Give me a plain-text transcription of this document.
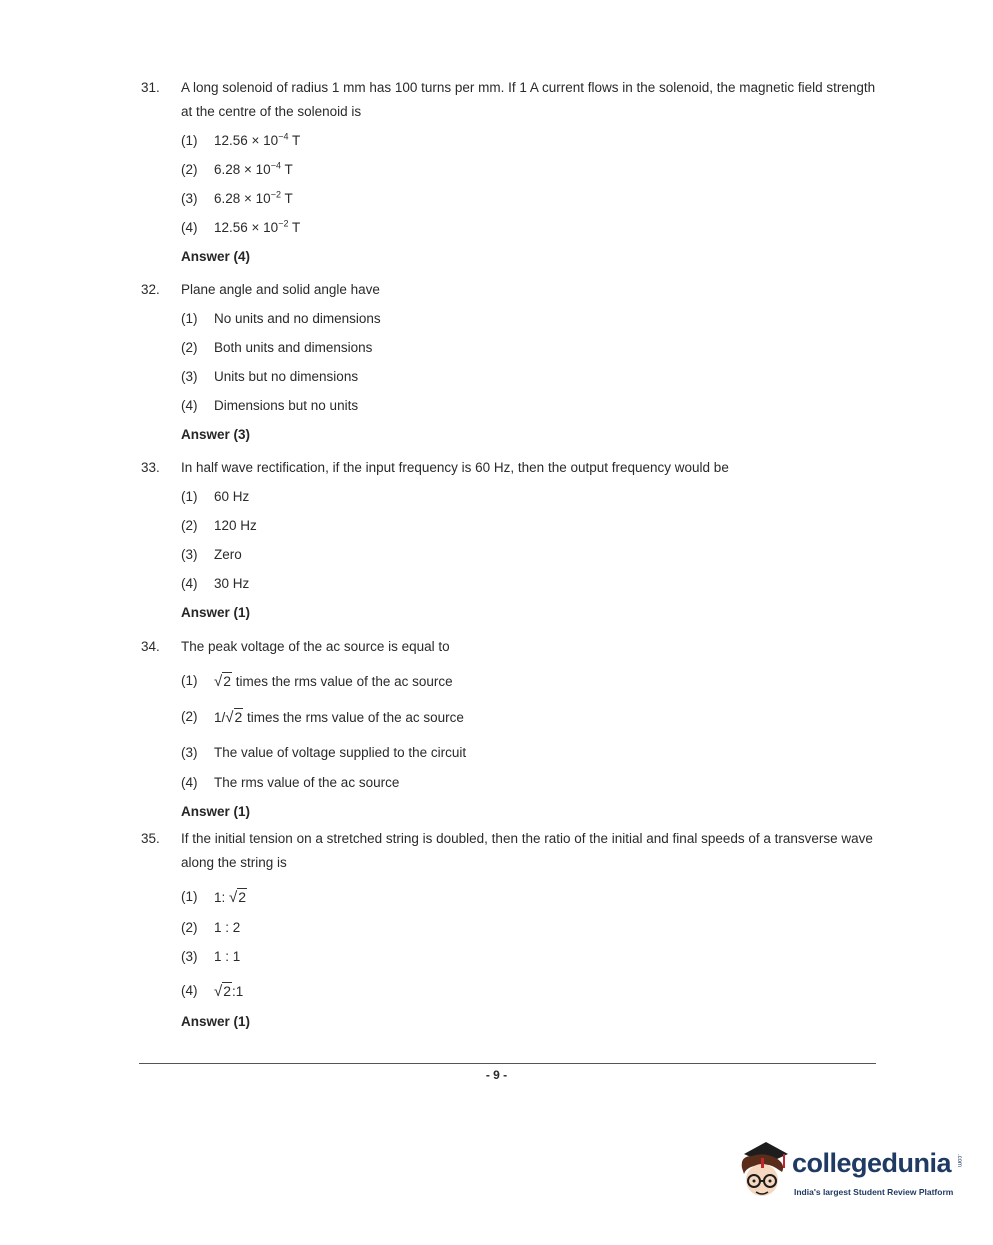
31.	A long solenoid of radius 1 mm has 100 turns per mm. If 1 A current flows in the solenoid, the magnetic field strength at the centre of the solenoid is
(1)	$12.56 \times 10^{-4}$ T
(2)	$6.28 \times 10^{-4}$ T
(3)	$6.28 \times 10^{-2}$ T
(4)	$12.56 \times 10^{-2}$ T
Answer (4)
32.	Plane angle and solid angle have
(1)	No units and no dimensions
(2)	Both units and dimensions
(3)	Units but no dimensions
(4)	Dimensions but no units
Answer (3)
33.	In half wave rectification, if the input frequency is 60 Hz, then the output frequency would be
(1)	60 Hz
(2)	120 Hz
(3)	Zero
(4)	30 Hz
Answer (1)
34.	The peak voltage of the ac source is equal to
(1)	√2 times the rms value of the ac source
(2)	1/√2 times the rms value of the ac source
(3)	The value of voltage supplied to the circuit
(4)	The rms value of the ac source
Answer (1)
35.	If the initial tension on a stretched string is doubled, then the ratio of the initial and final speeds of a transverse wave along the string is
(1)	1: √2
(2)	1 : 2
(3)	1 : 1
(4)	√2:1
Answer (1)
- 9 -
collegedunia .com
India's largest Student Review Platform
